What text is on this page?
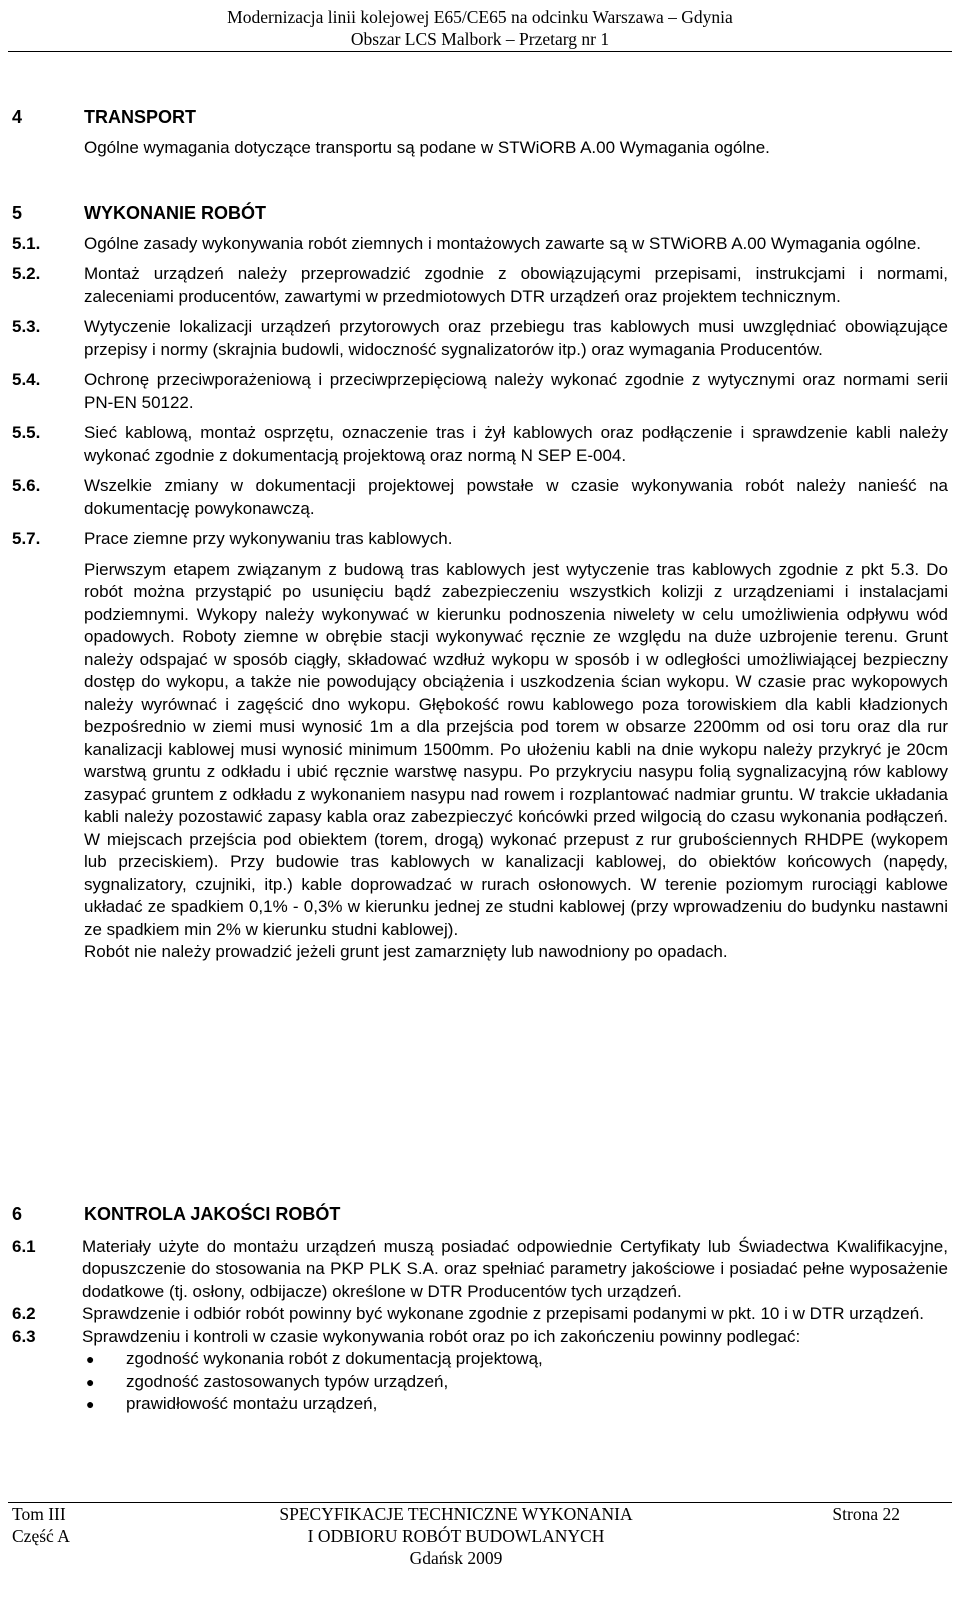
Modernizacja linii kolejowej E65/CE65 na odcinku Warszawa – Gdynia
Obszar LCS Malbork – Przetarg nr 1
4	TRANSPORT

Ogólne wymagania dotyczące transportu są podane w STWiORB A.00 Wymagania ogólne.

5	WYKONANIE ROBÓT
5.1.	Ogólne zasady wykonywania robót ziemnych i montażowych zawarte są w STWiORB A.00 Wymagania ogólne.
5.2.	Montaż urządzeń należy przeprowadzić zgodnie z obowiązującymi przepisami, instrukcjami i normami, zaleceniami producentów, zawartymi w przedmiotowych DTR urządzeń oraz projektem technicznym.
5.3.	Wytyczenie lokalizacji urządzeń przytorowych oraz przebiegu tras kablowych musi uwzględniać obowiązujące przepisy i normy (skrajnia budowli, widoczność sygnalizatorów itp.) oraz wymagania Producentów.
5.4.	Ochronę przeciwporażeniową i przeciwprzepięciową należy wykonać zgodnie z wytycznymi oraz normami serii PN-EN 50122.
5.5.	Sieć kablową, montaż osprzętu, oznaczenie tras i żył kablowych oraz podłączenie i sprawdzenie kabli należy wykonać zgodnie z dokumentacją projektową oraz normą N SEP E-004.
5.6.	Wszelkie zmiany w dokumentacji projektowej powstałe w czasie wykonywania robót należy nanieść na dokumentację powykonawczą.
5.7.	Prace ziemne przy wykonywaniu tras kablowych.

Pierwszym etapem związanym z budową tras kablowych jest wytyczenie tras kablowych zgodnie z pkt 5.3. Do robót można przystąpić po usunięciu bądź zabezpieczeniu wszystkich kolizji z urządzeniami i instalacjami podziemnymi. Wykopy należy wykonywać w kierunku podnoszenia niwelety w celu umożliwienia odpływu wód opadowych. Roboty ziemne w obrębie stacji wykonywać ręcznie ze względu na duże uzbrojenie terenu. Grunt należy odspajać w sposób ciągły, składować wzdłuż wykopu w sposób i w odległości umożliwiającej bezpieczny dostęp do wykopu, a także nie powodujący obciążenia i uszkodzenia ścian wykopu. W czasie prac wykopowych należy wyrównać i zagęścić dno wykopu. Głębokość rowu kablowego poza torowiskiem dla kabli kładzionych bezpośrednio w ziemi musi wynosić 1m a dla przejścia pod torem w obsarze 2200mm od osi toru oraz dla rur kanalizacji kablowej musi wynosić minimum 1500mm. Po ułożeniu kabli na dnie wykopu należy przykryć je 20cm warstwą gruntu z odkładu i ubić ręcznie warstwę nasypu. Po przykryciu nasypu folią sygnalizacyjną rów kablowy zasypać gruntem z odkładu z wykonaniem nasypu nad rowem i rozplantować nadmiar gruntu. W trakcie układania kabli należy pozostawić zapasy kabla oraz zabezpieczyć końcówki przed wilgocią do czasu wykonania podłączeń. W miejscach przejścia pod obiektem (torem, drogą) wykonać przepust z rur grubościennych RHDPE (wykopem lub przeciskiem). Przy budowie tras kablowych w kanalizacji kablowej, do obiektów końcowych (napędy, sygnalizatory, czujniki, itp.) kable doprowadzać w rurach osłonowych. W terenie poziomym rurociągi kablowe układać ze spadkiem 0,1% - 0,3% w kierunku jednej ze studni kablowej (przy wprowadzeniu do budynku nastawni ze spadkiem min 2% w kierunku studni kablowej).

Robót nie należy prowadzić jeżeli grunt jest zamarznięty lub nawodniony po opadach.

6	KONTROLA JAKOŚCI ROBÓT
6.1	Materiały użyte do montażu urządzeń muszą posiadać odpowiednie Certyfikaty lub Świadectwa Kwalifikacyjne, dopuszczenie do stosowania na PKP PLK S.A. oraz spełniać parametry jakościowe i posiadać pełne wyposażenie dodatkowe (tj. osłony, odbijacze) określone w DTR Producentów tych urządzeń.
6.2	Sprawdzenie i odbiór robót powinny być wykonane zgodnie z przepisami podanymi w pkt. 10 i w DTR urządzeń.
6.3	Sprawdzeniu i kontroli w czasie wykonywania robót oraz po ich zakończeniu powinny podlegać:
●	zgodność wykonania robót z dokumentacją projektową,
●	zgodność zastosowanych typów urządzeń,
●	prawidłowość montażu urządzeń,
Tom III
Część A
SPECYFIKACJE TECHNICZNE WYKONANIA
I ODBIORU ROBÓT BUDOWLANYCH
Gdańsk 2009
Strona 22
